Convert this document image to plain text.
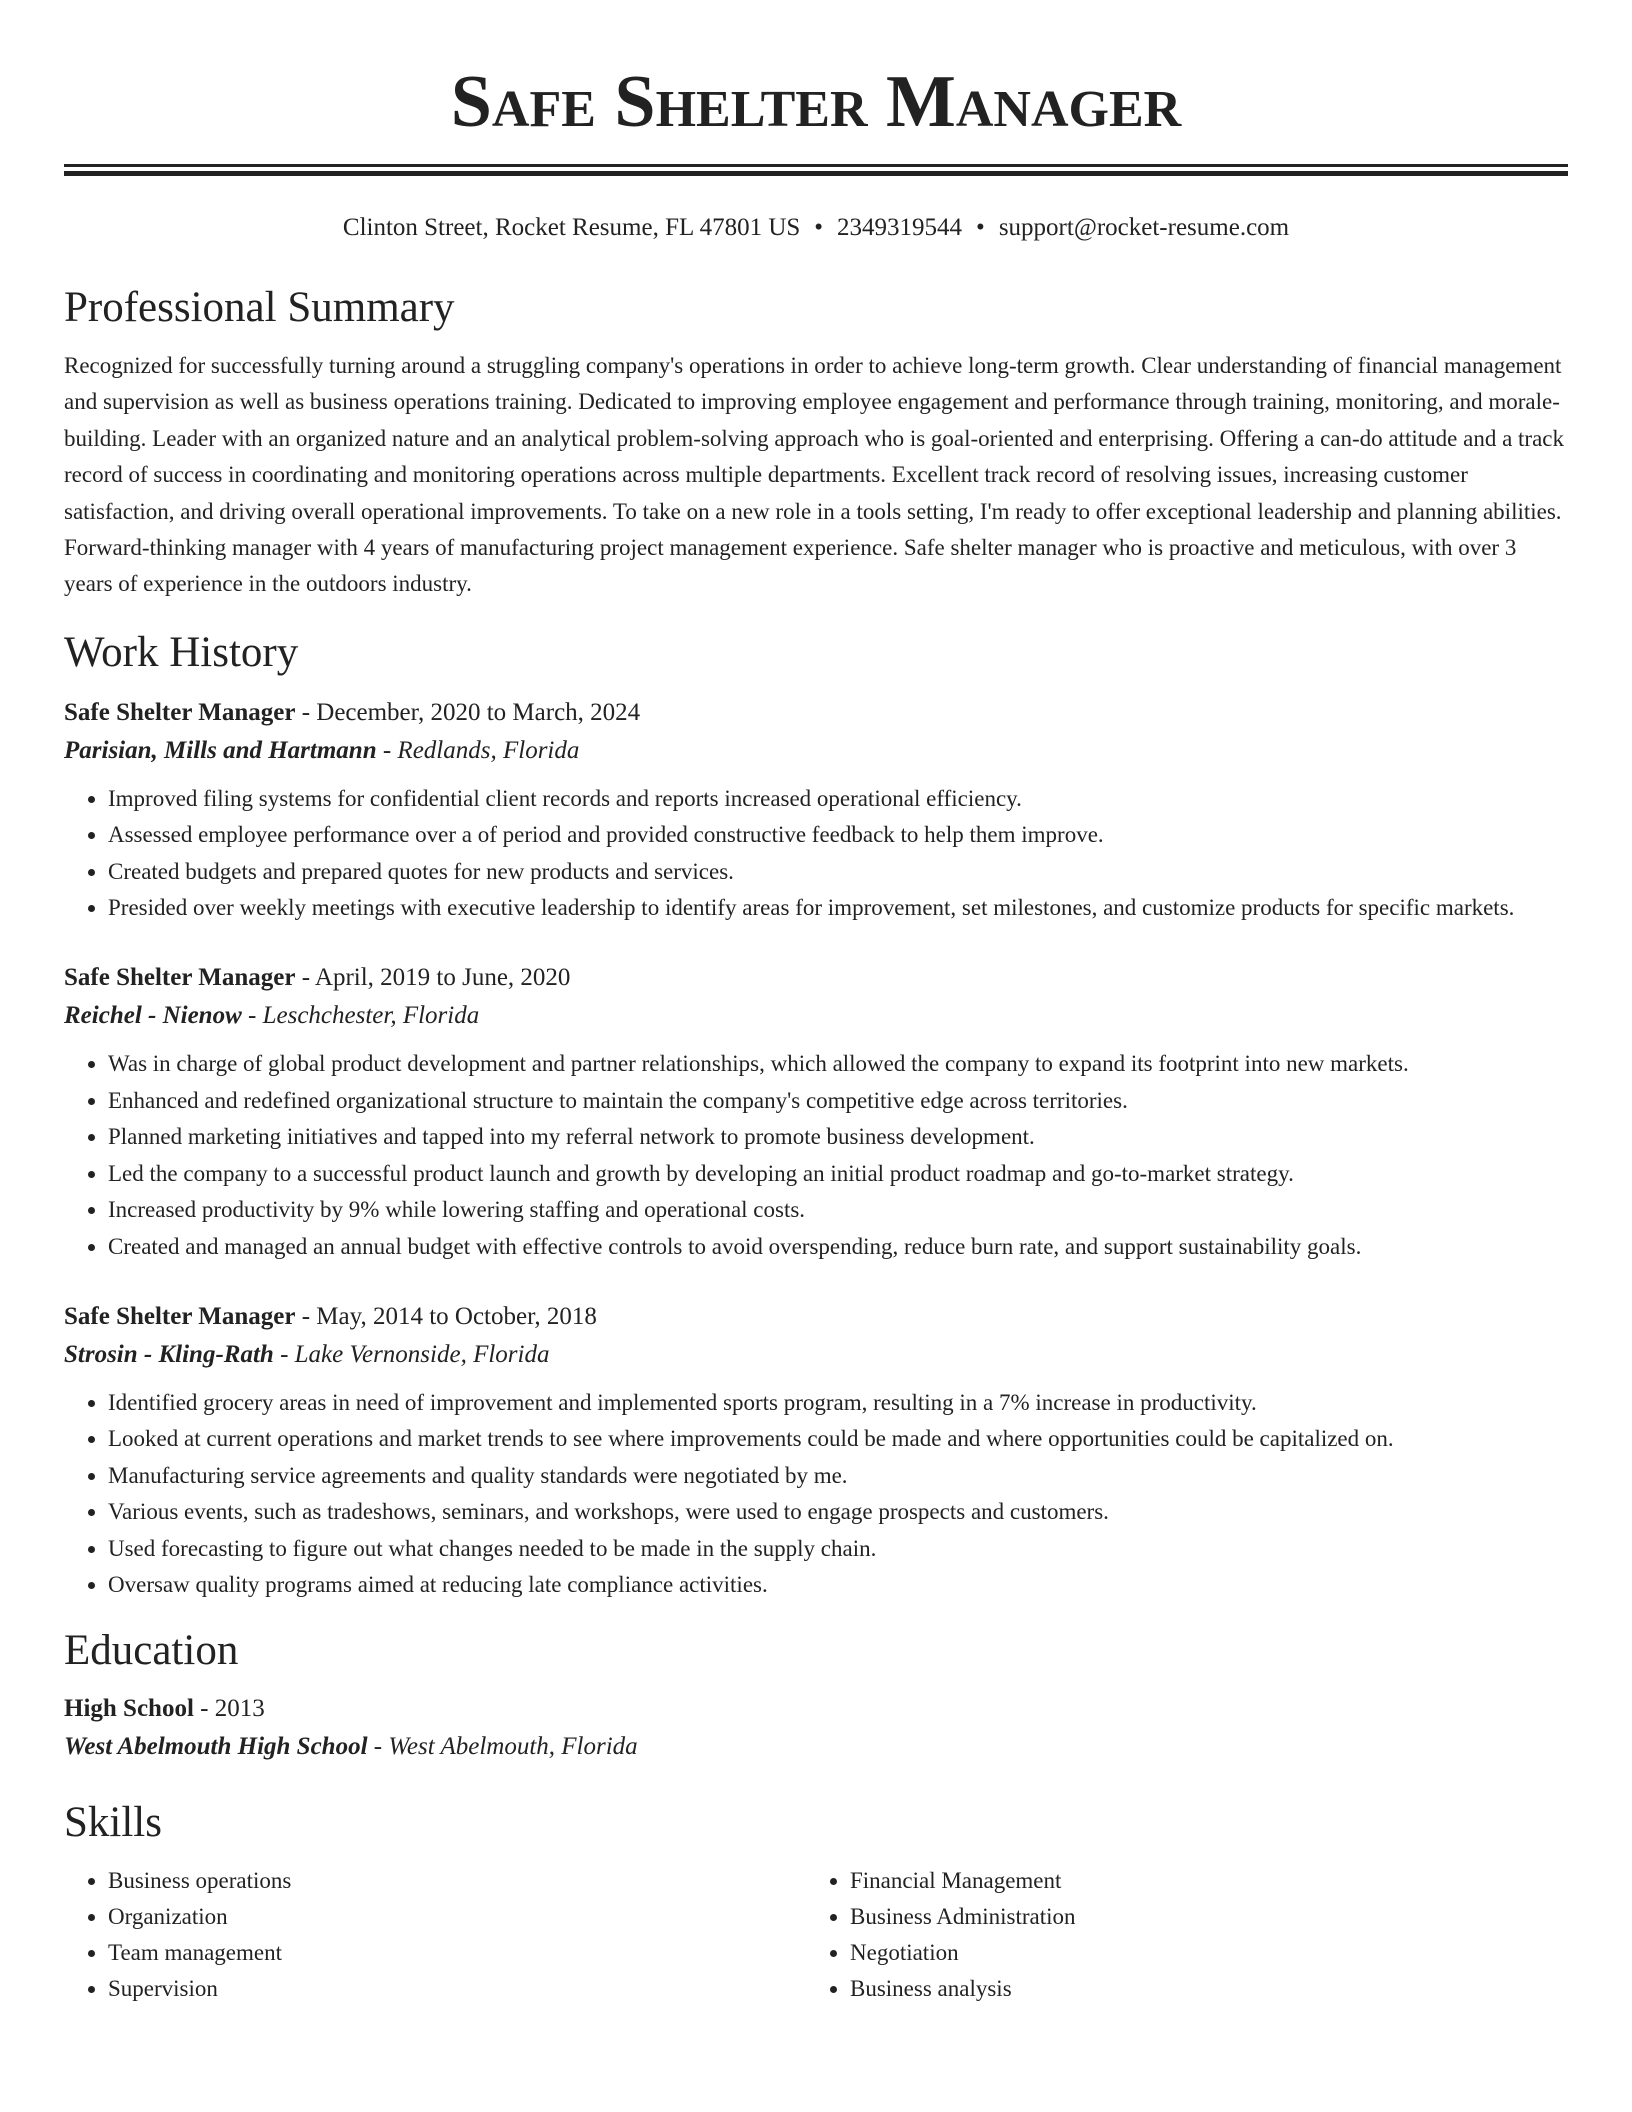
Safe Shelter Manager
Clinton Street, Rocket Resume, FL 47801 US • 2349319544 • support@rocket-resume.com
Professional Summary
Recognized for successfully turning around a struggling company's operations in order to achieve long-term growth. Clear understanding of financial management and supervision as well as business operations training. Dedicated to improving employee engagement and performance through training, monitoring, and morale-building. Leader with an organized nature and an analytical problem-solving approach who is goal-oriented and enterprising. Offering a can-do attitude and a track record of success in coordinating and monitoring operations across multiple departments. Excellent track record of resolving issues, increasing customer satisfaction, and driving overall operational improvements. To take on a new role in a tools setting, I'm ready to offer exceptional leadership and planning abilities. Forward-thinking manager with 4 years of manufacturing project management experience. Safe shelter manager who is proactive and meticulous, with over 3 years of experience in the outdoors industry.
Work History

Safe Shelter Manager - December, 2020 to March, 2024

Parisian, Mills and Hartmann - Redlands, Florida

• Improved filing systems for confidential client records and reports increased operational efficiency.
• Assessed employee performance over a of period and provided constructive feedback to help them improve.
• Created budgets and prepared quotes for new products and services.
• Presided over weekly meetings with executive leadership to identify areas for improvement, set milestones, and customize products for specific markets.

Safe Shelter Manager - April, 2019 to June, 2020

Reichel - Nienow - Leschchester, Florida

• Was in charge of global product development and partner relationships, which allowed the company to expand its footprint into new markets.
• Enhanced and redefined organizational structure to maintain the company's competitive edge across territories.
• Planned marketing initiatives and tapped into my referral network to promote business development.
• Led the company to a successful product launch and growth by developing an initial product roadmap and go-to-market strategy.
• Increased productivity by 9% while lowering staffing and operational costs.
• Created and managed an annual budget with effective controls to avoid overspending, reduce burn rate, and support sustainability goals.

Safe Shelter Manager - May, 2014 to October, 2018

Strosin - Kling-Rath - Lake Vernonside, Florida

• Identified grocery areas in need of improvement and implemented sports program, resulting in a 7% increase in productivity.
• Looked at current operations and market trends to see where improvements could be made and where opportunities could be capitalized on.
• Manufacturing service agreements and quality standards were negotiated by me.
• Various events, such as tradeshows, seminars, and workshops, were used to engage prospects and customers.
• Used forecasting to figure out what changes needed to be made in the supply chain.
• Oversaw quality programs aimed at reducing late compliance activities.
Education

High School - 2013

West Abelmouth High School - West Abelmouth, Florida

Skills
• Business operations
• Organization
• Team management
• Supervision
• Financial Management
• Business Administration
• Negotiation
• Business analysis
